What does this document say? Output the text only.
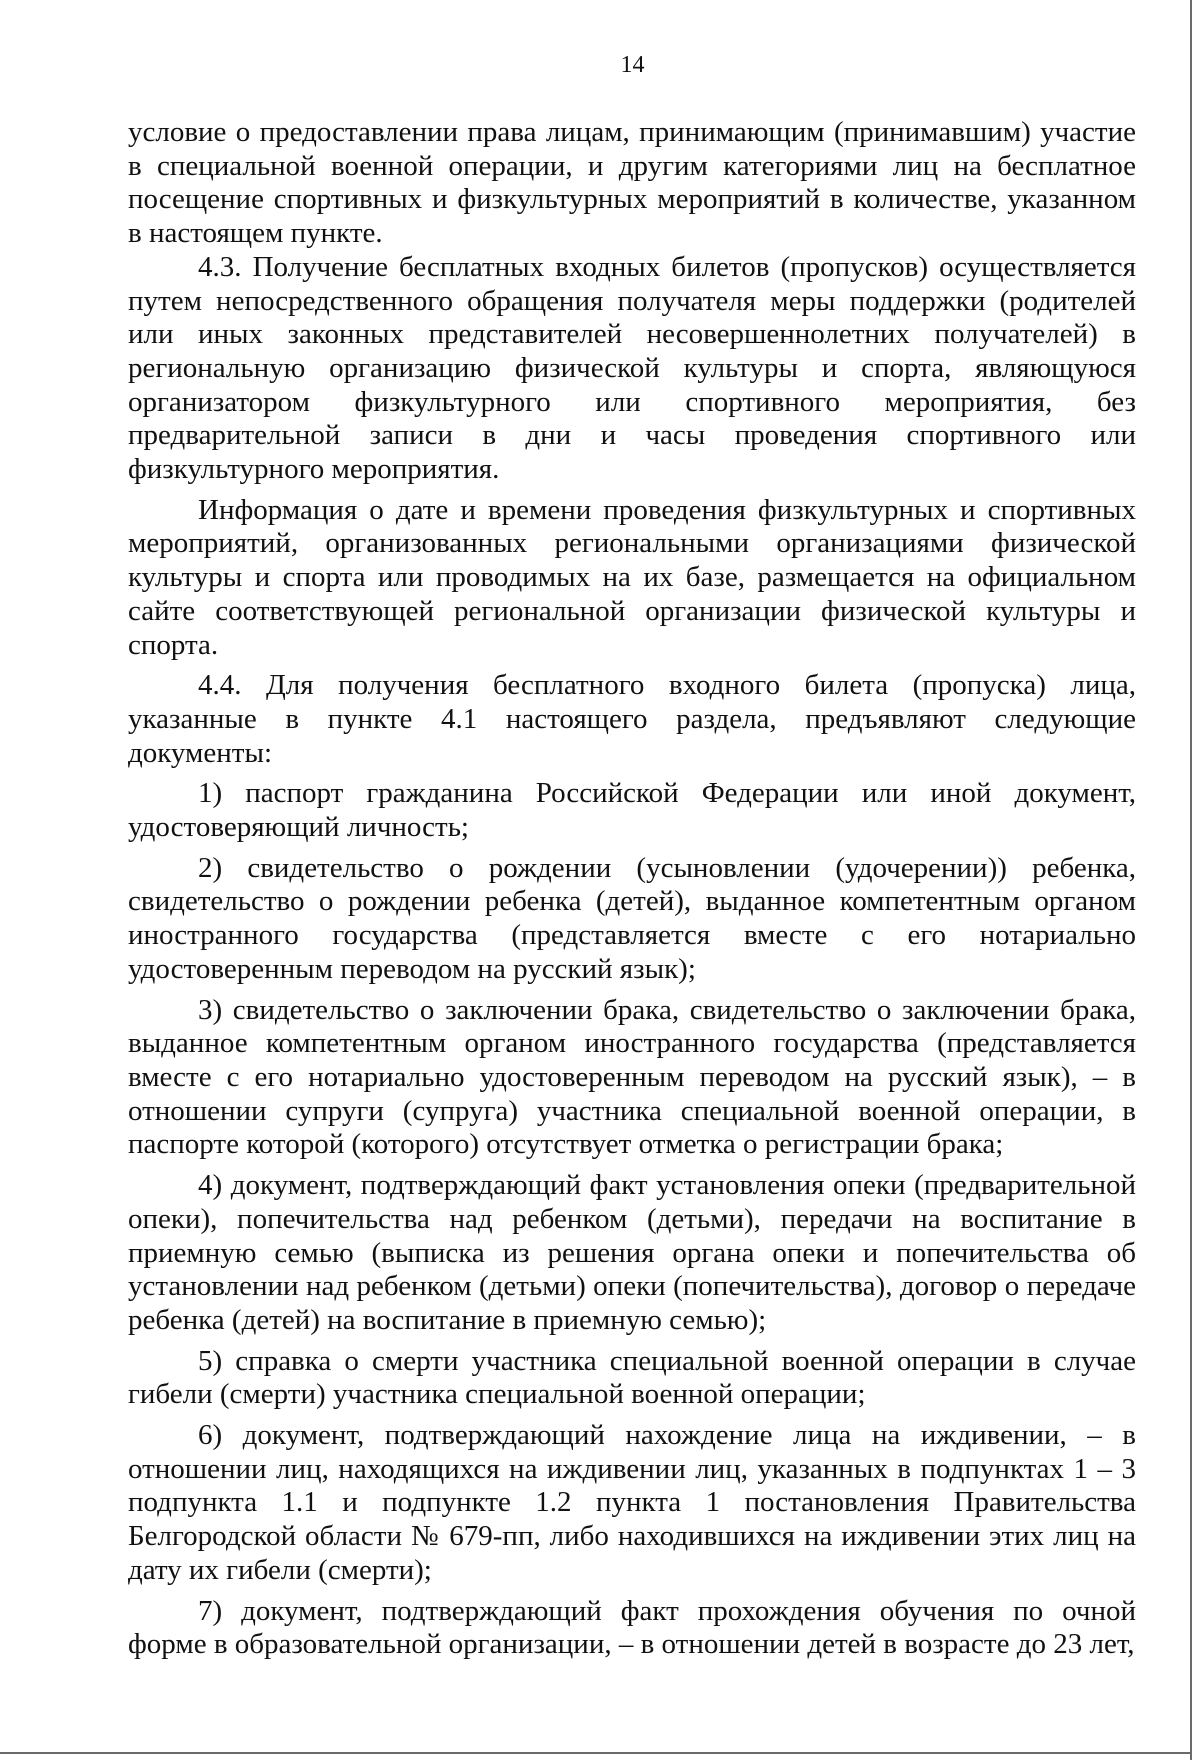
14

условие о предоставлении права лицам, принимающим (принимавшим) участие в специальной военной операции, и другим категориями лиц на бесплатное посещение спортивных и физкультурных мероприятий в количестве, указанном в настоящем пункте.

4.3. Получение бесплатных входных билетов (пропусков) осуществляется путем непосредственного обращения получателя меры поддержки (родителей или иных законных представителей несовершеннолетних получателей) в региональную организацию физической культуры и спорта, являющуюся организатором физкультурного или спортивного мероприятия, без предварительной записи в дни и часы проведения спортивного или физкультурного мероприятия.

Информация о дате и времени проведения физкультурных и спортивных мероприятий, организованных региональными организациями физической культуры и спорта или проводимых на их базе, размещается на официальном сайте соответствующей региональной организации физической культуры и спорта.

4.4. Для получения бесплатного входного билета (пропуска) лица, указанные в пункте 4.1 настоящего раздела, предъявляют следующие документы:

1) паспорт гражданина Российской Федерации или иной документ, удостоверяющий личность;

2) свидетельство о рождении (усыновлении (удочерении)) ребенка, свидетельство о рождении ребенка (детей), выданное компетентным органом иностранного государства (представляется вместе с его нотариально удостоверенным переводом на русский язык);

3) свидетельство о заключении брака, свидетельство о заключении брака, выданное компетентным органом иностранного государства (представляется вместе с его нотариально удостоверенным переводом на русский язык), – в отношении супруги (супруга) участника специальной военной операции, в паспорте которой (которого) отсутствует отметка о регистрации брака;

4) документ, подтверждающий факт установления опеки (предварительной опеки), попечительства над ребенком (детьми), передачи на воспитание в приемную семью (выписка из решения органа опеки и попечительства об установлении над ребенком (детьми) опеки (попечительства), договор о передаче ребенка (детей) на воспитание в приемную семью);

5) справка о смерти участника специальной военной операции в случае гибели (смерти) участника специальной военной операции;

6) документ, подтверждающий нахождение лица на иждивении, – в отношении лиц, находящихся на иждивении лиц, указанных в подпунктах 1 – 3 подпункта 1.1 и подпункте 1.2 пункта 1 постановления Правительства Белгородской области № 679-пп, либо находившихся на иждивении этих лиц на дату их гибели (смерти);

7) документ, подтверждающий факт прохождения обучения по очной форме в образовательной организации, – в отношении детей в возрасте до 23 лет,
